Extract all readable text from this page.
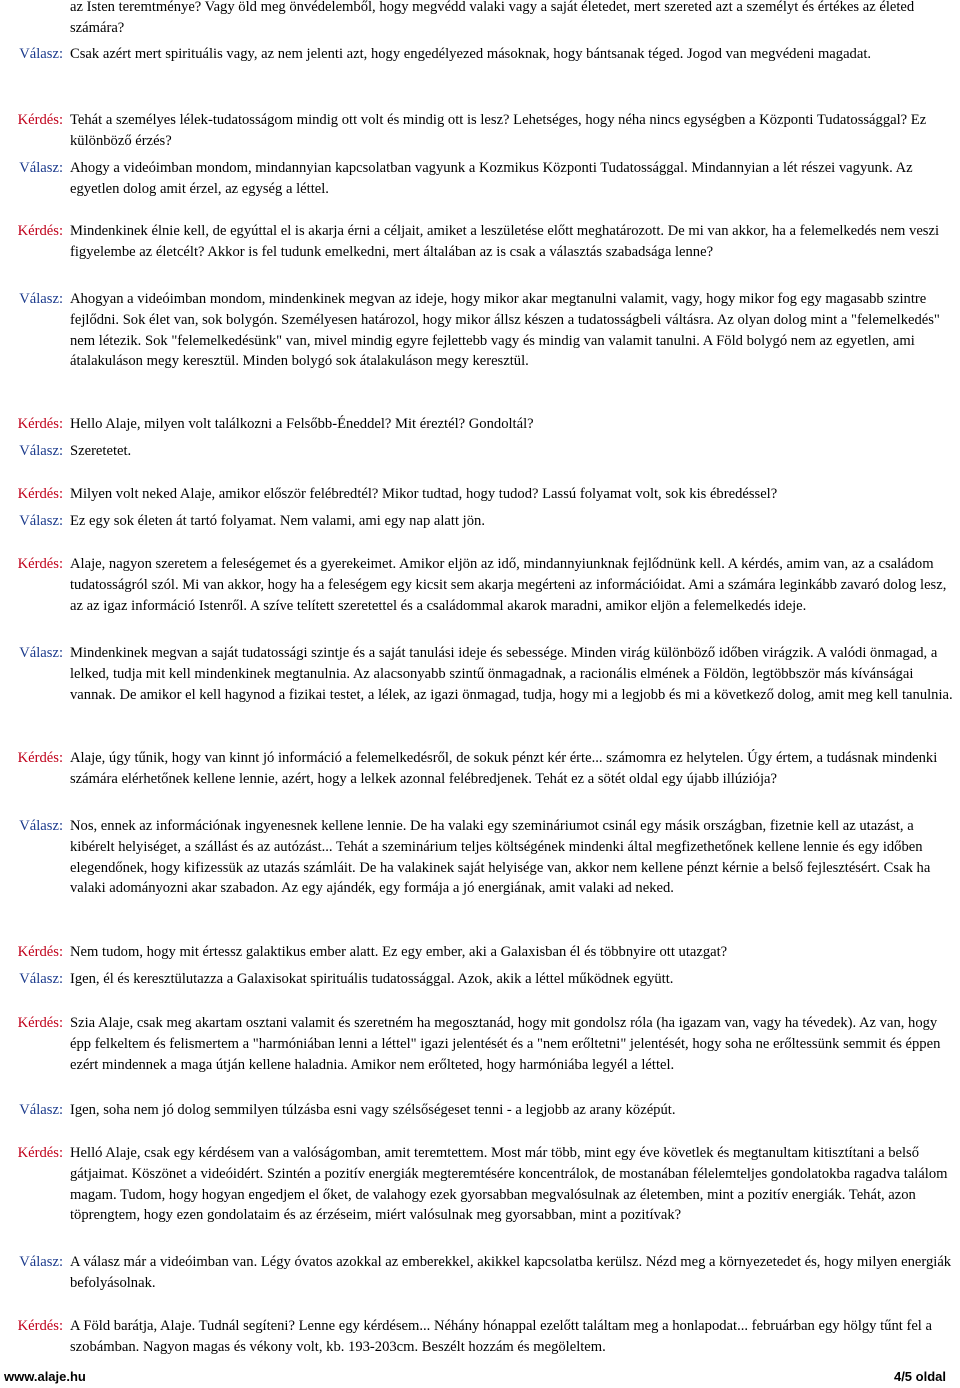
az Isten teremtménye? Vagy öld meg önvédelemből, hogy megvédd valaki vagy a saját életedet, mert szereted azt a személyt és értékes az életed számára?
Válasz: Csak azért mert spirituális vagy, az nem jelenti azt, hogy engedélyezed másoknak, hogy bántsanak téged. Jogod van megvédeni magadat.
Kérdés: Tehát a személyes lélek-tudatosságom mindig ott volt és mindig ott is lesz? Lehetséges, hogy néha nincs egységben a Központi Tudatossággal? Ez különböző érzés?
Válasz: Ahogy a videóimban mondom, mindannyian kapcsolatban vagyunk a Kozmikus Központi Tudatossággal. Mindannyian a lét részei vagyunk. Az egyetlen dolog amit érzel, az egység a léttel.
Kérdés: Mindenkinek élnie kell, de egyúttal el is akarja érni a céljait, amiket a leszületése előtt meghatározott. De mi van akkor, ha a felemelkedés nem veszi figyelembe az életcélt? Akkor is fel tudunk emelkedni, mert általában az is csak a választás szabadsága lenne?
Válasz: Ahogyan a videóimban mondom, mindenkinek megvan az ideje, hogy mikor akar megtanulni valamit, vagy, hogy mikor fog egy magasabb szintre fejlődni. Sok élet van, sok bolygón. Személyesen határozol, hogy mikor állsz készen a tudatosságbeli váltásra. Az olyan dolog mint a "felemelkedés" nem létezik. Sok "felemelkedésünk" van, mivel mindig egyre fejlettebb vagy és mindig van valamit tanulni. A Föld bolygó nem az egyetlen, ami átalakuláson megy keresztül. Minden bolygó sok átalakuláson megy keresztül.
Kérdés: Hello Alaje, milyen volt találkozni a Felsőbb-Éneddel? Mit éreztél? Gondoltál?
Válasz: Szeretetet.
Kérdés: Milyen volt neked Alaje, amikor először felébredtél? Mikor tudtad, hogy tudod? Lassú folyamat volt, sok kis ébredéssel?
Válasz: Ez egy sok életen át tartó folyamat. Nem valami, ami egy nap alatt jön.
Kérdés: Alaje, nagyon szeretem a feleségemet és a gyerekeimet. Amikor eljön az idő, mindannyiunknak fejlődnünk kell. A kérdés, amim van, az a családom tudatosságról szól. Mi van akkor, hogy ha a feleségem egy kicsit sem akarja megérteni az információidat. Ami a számára leginkább zavaró dolog lesz, az az igaz információ Istenről. A szíve telített szeretettel és a családommal akarok maradni, amikor eljön a felemelkedés ideje.
Válasz: Mindenkinek megvan a saját tudatossági szintje és a saját tanulási ideje és sebessége. Minden virág különböző időben virágzik. A valódi önmagad, a lelked, tudja mit kell mindenkinek megtanulnia. Az alacsonyabb szintű önmagadnak, a racionális elmének a Földön, legtöbbször más kívánságai vannak. De amikor el kell hagynod a fizikai testet, a lélek, az igazi önmagad, tudja, hogy mi a legjobb és mi a következő dolog, amit meg kell tanulnia.
Kérdés: Alaje, úgy tűnik, hogy van kinnt jó információ a felemelkedésről, de sokuk pénzt kér érte... számomra ez helytelen. Úgy értem, a tudásnak mindenki számára elérhetőnek kellene lennie, azért, hogy a lelkek azonnal felébredjenek. Tehát ez a sötét oldal egy újabb illúziója?
Válasz: Nos, ennek az információnak ingyenesnek kellene lennie. De ha valaki egy szemináriumot csinál egy másik országban, fizetnie kell az utazást, a kibérelt helyiséget, a szállást és az autózást... Tehát a szeminárium teljes költségének mindenki által megfizethetőnek kellene lennie és egy időben elegendőnek, hogy kifizessük az utazás számláit. De ha valakinek saját helyisége van, akkor nem kellene pénzt kérnie a belső fejlesztésért. Csak ha valaki adományozni akar szabadon. Az egy ajándék, egy formája a jó energiának, amit valaki ad neked.
Kérdés: Nem tudom, hogy mit értessz galaktikus ember alatt. Ez egy ember, aki a Galaxisban él és többnyire ott utazgat?
Válasz: Igen, él és keresztülutazza a Galaxisokat spirituális tudatossággal. Azok, akik a léttel működnek együtt.
Kérdés: Szia Alaje, csak meg akartam osztani valamit és szeretném ha megosztanád, hogy mit gondolsz róla (ha igazam van, vagy ha tévedek). Az van, hogy épp felkeltem és felismertem a "harmóniában lenni a léttel" igazi jelentését és a "nem erőltetni" jelentését, hogy soha ne erőltessünk semmit és éppen ezért mindennek a maga útján kellene haladnia. Amikor nem erőlteted, hogy harmóniába legyél a léttel.
Válasz: Igen, soha nem jó dolog semmilyen túlzásba esni vagy szélsőségeset tenni - a legjobb az arany középút.
Kérdés: Helló Alaje, csak egy kérdésem van a valóságomban, amit teremtettem. Most már több, mint egy éve követlek és megtanultam kitisztítani a belső gátjaimat. Köszönet a videóidért. Szintén a pozitív energiák megteremtésére koncentrálok, de mostanában félelemteljes gondolatokba ragadva találom magam. Tudom, hogy hogyan engedjem el őket, de valahogy ezek gyorsabban megvalósulnak az életemben, mint a pozitív energiák. Tehát, azon töprengtem, hogy ezen gondolataim és az érzéseim, miért valósulnak meg gyorsabban, mint a pozitívak?
Válasz: A válasz már a videóimban van. Légy óvatos azokkal az emberekkel, akikkel kapcsolatba kerülsz. Nézd meg a környezetedet és, hogy milyen energiák befolyásolnak.
Kérdés: A Föld barátja, Alaje. Tudnál segíteni? Lenne egy kérdésem... Néhány hónappal ezelőtt találtam meg a honlapodat... februárban egy hölgy tűnt fel a szobámban. Nagyon magas és vékony volt, kb. 193-203cm. Beszélt hozzám és megöleltem.
www.alaje.hu	4/5 oldal
